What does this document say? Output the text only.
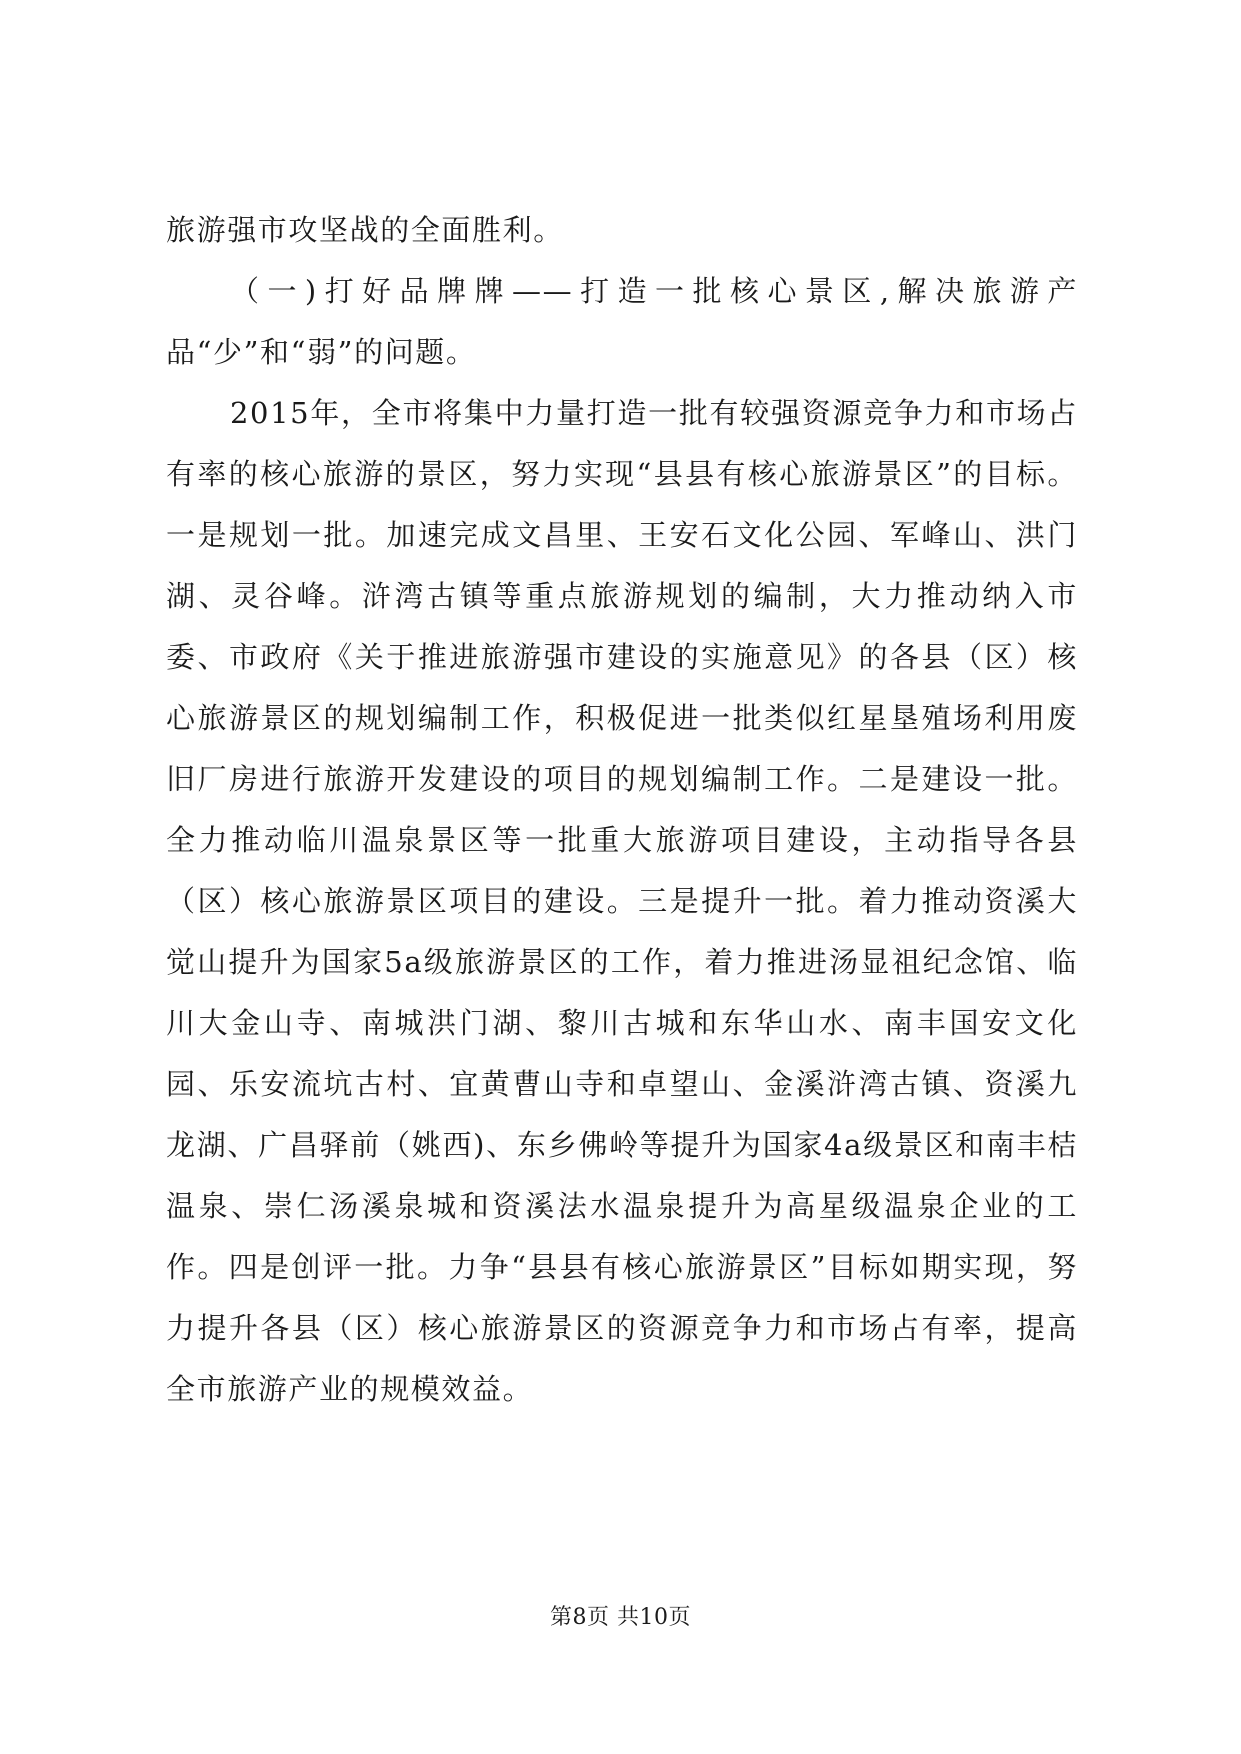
旅游强市攻坚战的全面胜利。

（一)打好品牌牌——打造一批核心景区,解决旅游产品“少”和“弱”的问题。

2015年，全市将集中力量打造一批有较强资源竞争力和市场占有率的核心旅游的景区，努力实现“县县有核心旅游景区”的目标。一是规划一批。加速完成文昌里、王安石文化公园、军峰山、洪门湖、灵谷峰。浒湾古镇等重点旅游规划的编制，大力推动纳入市委、市政府《关于推进旅游强市建设的实施意见》的各县（区）核心旅游景区的规划编制工作，积极促进一批类似红星垦殖场利用废旧厂房进行旅游开发建设的项目的规划编制工作。二是建设一批。全力推动临川温泉景区等一批重大旅游项目建设，主动指导各县（区）核心旅游景区项目的建设。三是提升一批。着力推动资溪大觉山提升为国家5a级旅游景区的工作，着力推进汤显祖纪念馆、临川大金山寺、南城洪门湖、黎川古城和东华山水、南丰国安文化园、乐安流坑古村、宜黄曹山寺和卓望山、金溪浒湾古镇、资溪九龙湖、广昌驿前（姚西)、东乡佛岭等提升为国家4a级景区和南丰桔温泉、崇仁汤溪泉城和资溪法水温泉提升为高星级温泉企业的工作。四是创评一批。力争“县县有核心旅游景区”目标如期实现，努力提升各县（区）核心旅游景区的资源竞争力和市场占有率，提高全市旅游产业的规模效益。

第8页 共10页
